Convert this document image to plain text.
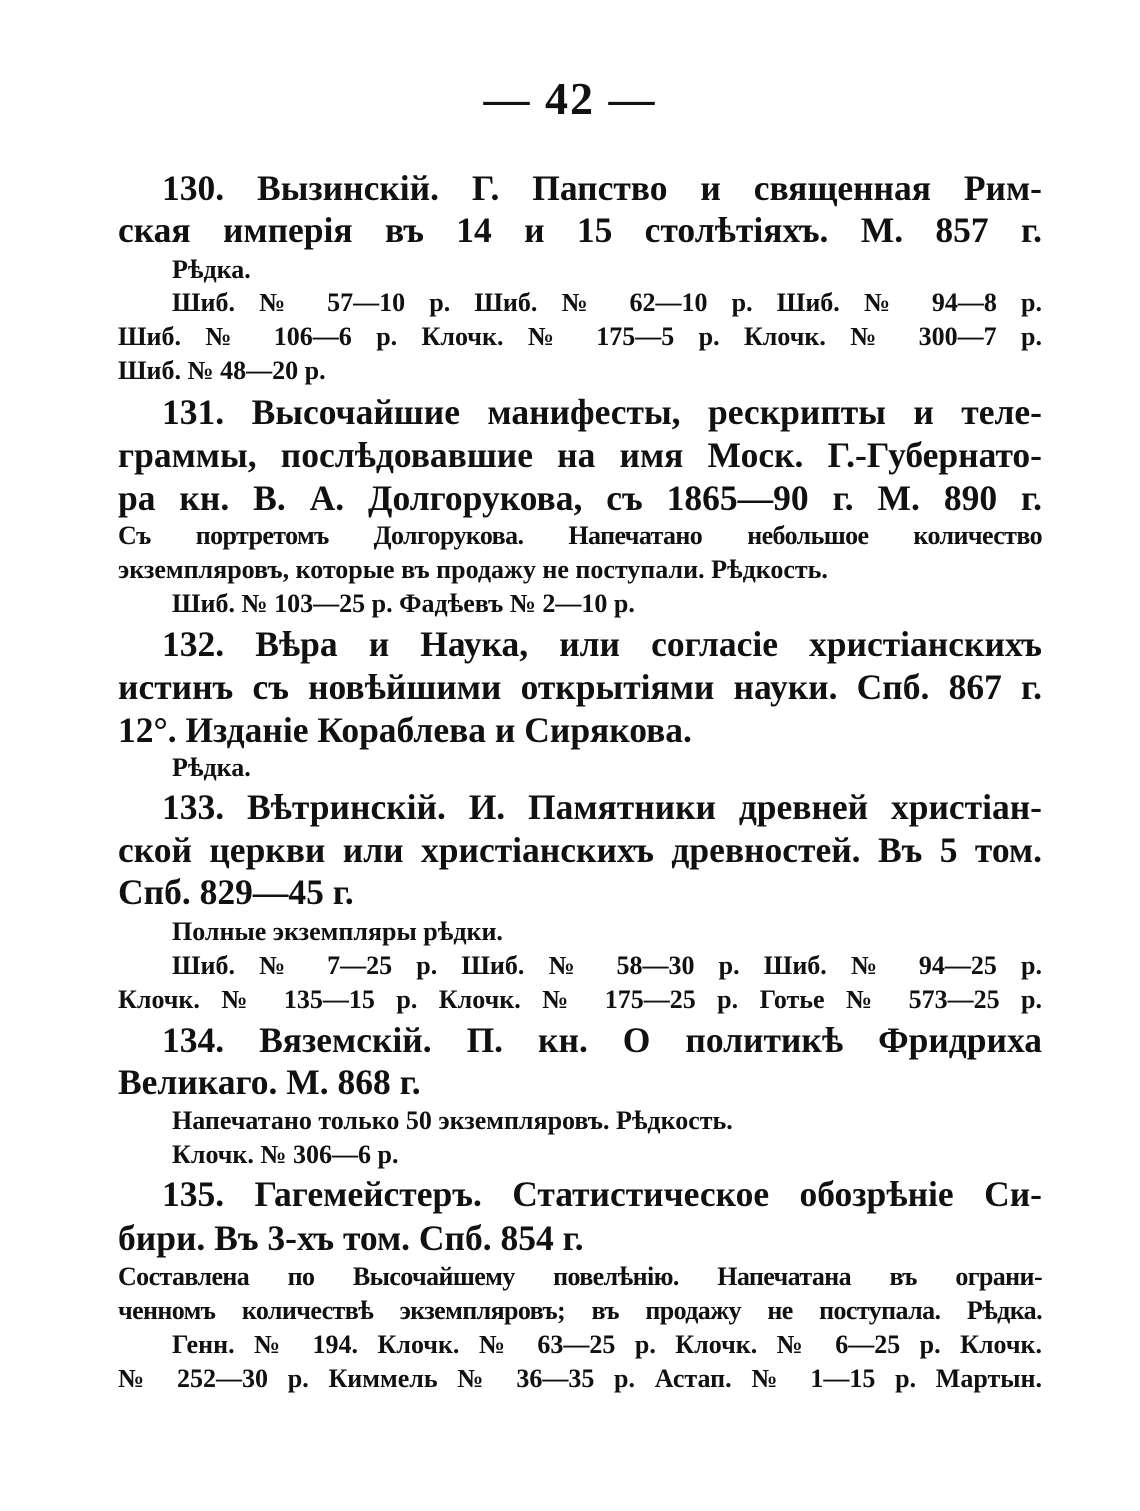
— 42 —
130. Вызинскій. Г. Папство и священная Рим-
ская имперія въ 14 и 15 столѣтіяхъ. М. 857 г.
Рѣдка.
Шиб. № 57—10 р. Шиб. № 62—10 р. Шиб. № 94—8 р.
Шиб. № 106—6 р. Клочк. № 175—5 р. Клочк. № 300—7 р.
Шиб. № 48—20 р.
131. Высочайшие манифесты, рескрипты и теле-
граммы, послѣдовавшие на имя Моск. Г.-Губернато-
ра кн. В. А. Долгорукова, съ 1865—90 г. М. 890 г.
Съ портретомъ Долгорукова. Напечатано небольшое количество
экземпляровъ, которые въ продажу не поступали. Рѣдкость.
Шиб. № 103—25 р. Фадѣевъ № 2—10 р.
132. Вѣра и Наука, или согласіе христіанскихъ
истинъ съ новѣйшими открытіями науки. Спб. 867 г.
12°. Изданіе Кораблева и Сирякова.
Рѣдка.
133. Вѣтринскій. И. Памятники древней христіан-
ской церкви или христіанскихъ древностей. Въ 5 том.
Спб. 829—45 г.
Полные экземпляры рѣдки.
Шиб. № 7—25 р. Шиб. № 58—30 р. Шиб. № 94—25 р.
Клочк. № 135—15 р. Клочк. № 175—25 р. Готье № 573—25 р.
134. Вяземскій. П. кн. О политикѣ Фридриха
Великаго. М. 868 г.
Напечатано только 50 экземпляровъ. Рѣдкость.
Клочк. № 306—6 р.
135. Гагемейстеръ. Статистическое обозрѣніе Си-
бири. Въ 3-хъ том. Спб. 854 г.
Составлена по Высочайшему повелѣнію. Напечатана въ ограни-
ченномъ количествѣ экземпляровъ; въ продажу не поступала. Рѣдка.
Генн. № 194. Клочк. № 63—25 р. Клочк. № 6—25 р. Клочк.
№ 252—30 р. Киммель № 36—35 р. Астап. № 1—15 р. Мартын.
